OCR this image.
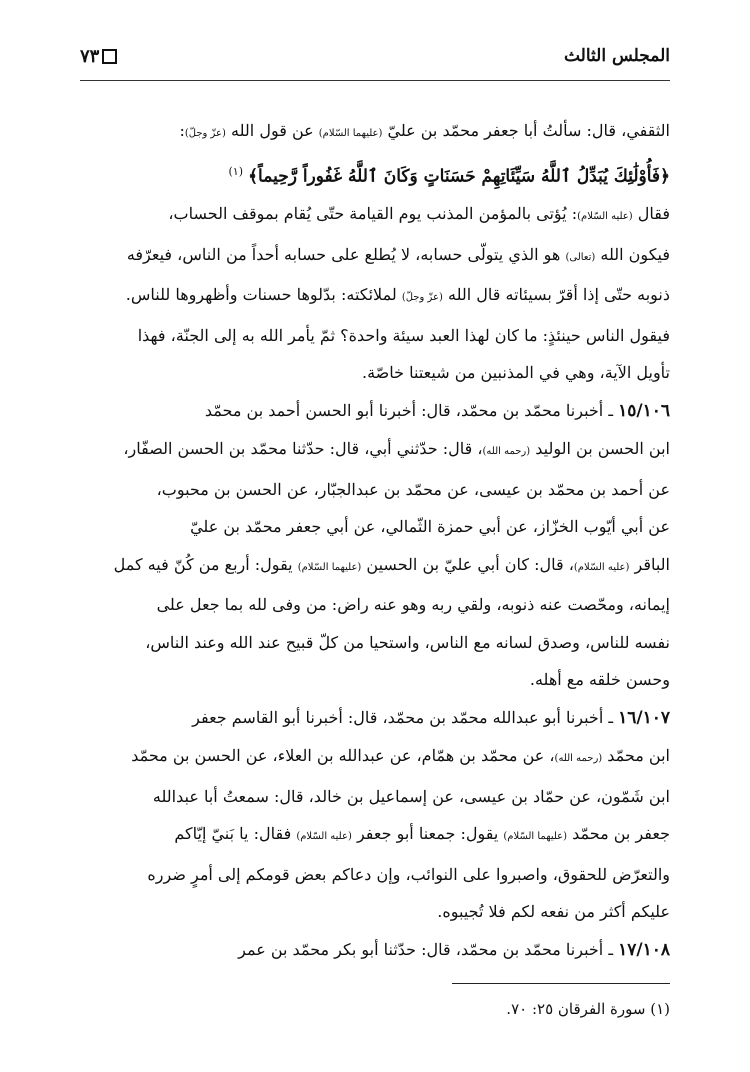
المجلس الثالث
٧٣

الثقفي، قال: سألتُ أبا جعفر محمّد بن عليّ (عليهما السّلام) عن قول الله (عزّ وجلّ):

﴿فَأُوْلَٰئِكَ يُبَدِّلُ ٱللَّهُ سَيِّئَاتِهِمْ حَسَنَاتٍ وَكَانَ ٱللَّهُ غَفُوراً رَّحِيماً﴾ $^{(١)}$

فقال (عليه السّلام): يُؤتى بالمؤمن المذنب يوم القيامة حتّى يُقام بموقف الحساب،

فيكون الله (تعالى) هو الذي يتولّى حسابه، لا يُطلع على حسابه أحداً من الناس، فيعرّفه

ذنوبه حتّى إذا أقرّ بسيئاته قال الله (عزّ وجلّ) لملائكته: بدّلوها حسنات وأظهروها للناس.

فيقول الناس حينئذٍ: ما كان لهذا العبد سيئة واحدة؟ ثمّ يأمر الله به إلى الجنّة، فهذا

تأويل الآية، وهي في المذنبين من شيعتنا خاصّة.

١٥/١٠٦ ـ أخبرنا محمّد بن محمّد، قال: أخبرنا أبو الحسن أحمد بن محمّد

ابن الحسن بن الوليد (رحمه الله)، قال: حدّثني أبي، قال: حدّثنا محمّد بن الحسن الصفّار،

عن أحمد بن محمّد بن عيسى، عن محمّد بن عبدالجبّار، عن الحسن بن محبوب،

عن أبي أيّوب الخزّاز، عن أبي حمزة الثّمالي، عن أبي جعفر محمّد بن عليّ

الباقر (عليه السّلام)، قال: كان أبي عليّ بن الحسين (عليهما السّلام) يقول: أربع من كُنّ فيه كمل

إيمانه، ومحّصت عنه ذنوبه، ولقي ربه وهو عنه راض: من وفى لله بما جعل على

نفسه للناس، وصدق لسانه مع الناس، واستحيا من كلّ قبيح عند الله وعند الناس،

وحسن خلقه مع أهله.

١٦/١٠٧ ـ أخبرنا أبو عبدالله محمّد بن محمّد، قال: أخبرنا أبو القاسم جعفر

ابن محمّد (رحمه الله)، عن محمّد بن همّام، عن عبدالله بن العلاء، عن الحسن بن محمّد

ابن شَمّون، عن حمّاد بن عيسى، عن إسماعيل بن خالد، قال: سمعتُ أبا عبدالله

جعفر بن محمّد (عليهما السّلام) يقول: جمعنا أبو جعفر (عليه السّلام) فقال: يا بَنيّ إيّاكم

والتعرّض للحقوق، واصبروا على النوائب، وإن دعاكم بعض قومكم إلى أمرٍ ضرره

عليكم أكثر من نفعه لكم فلا تُجيبوه.

١٧/١٠٨ ـ أخبرنا محمّد بن محمّد، قال: حدّثنا أبو بكر محمّد بن عمر

(١) سورة الفرقان ٢٥: ٧٠.
